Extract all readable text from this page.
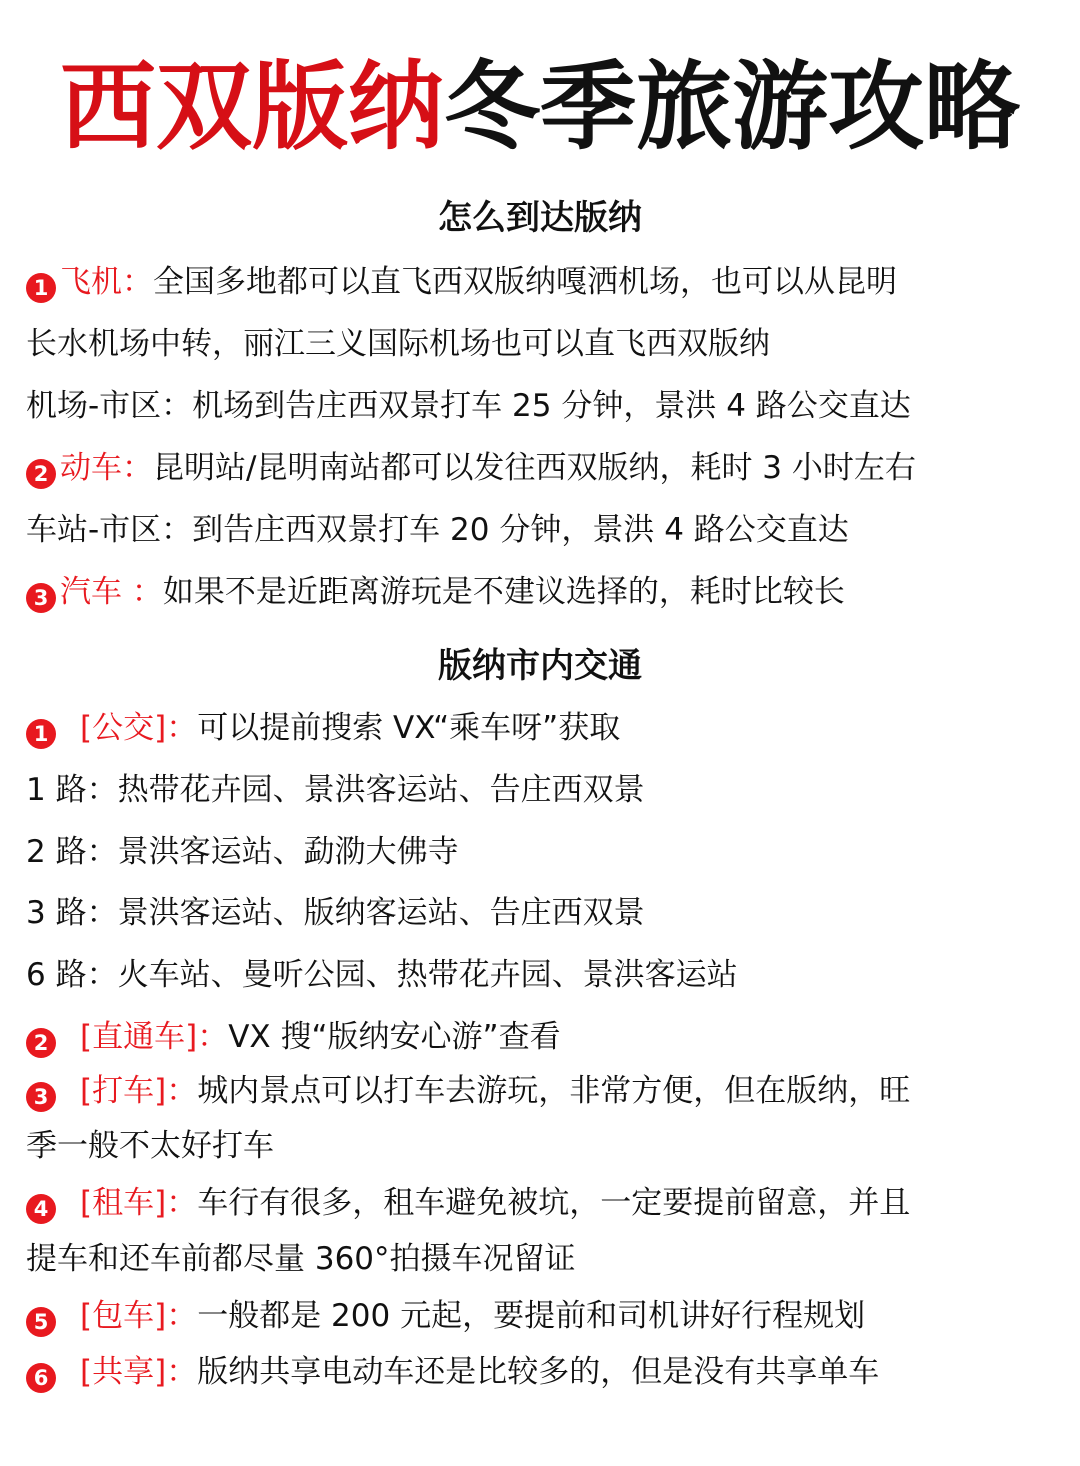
西双版纳冬季旅游攻略
怎么到达版纳
1 飞机：全国多地都可以直飞西双版纳嘎洒机场，也可以从昆明
长水机场中转，丽江三义国际机场也可以直飞西双版纳
机场-市区：机场到告庄西双景打车 25 分钟，景洪 4 路公交直达
2 动车：昆明站/昆明南站都可以发往西双版纳，耗时 3 小时左右
车站-市区：到告庄西双景打车 20 分钟，景洪 4 路公交直达
3 汽车 ：如果不是近距离游玩是不建议选择的，耗时比较长
版纳市内交通
1 [公交]：可以提前搜索 VX“乘车呀”获取
1 路：热带花卉园、景洪客运站、告庄西双景
2 路：景洪客运站、勐泐大佛寺
3 路：景洪客运站、版纳客运站、告庄西双景
6 路：火车站、曼听公园、热带花卉园、景洪客运站
2 [直通车]：VX 搜“版纳安心游”查看
3 [打车]：城内景点可以打车去游玩，非常方便，但在版纳，旺
季一般不太好打车
4 [租车]：车行有很多，租车避免被坑，一定要提前留意，并且
提车和还车前都尽量 360°拍摄车况留证
5 [包车]：一般都是 200 元起，要提前和司机讲好行程规划
6 [共享]：版纳共享电动车还是比较多的，但是没有共享单车
